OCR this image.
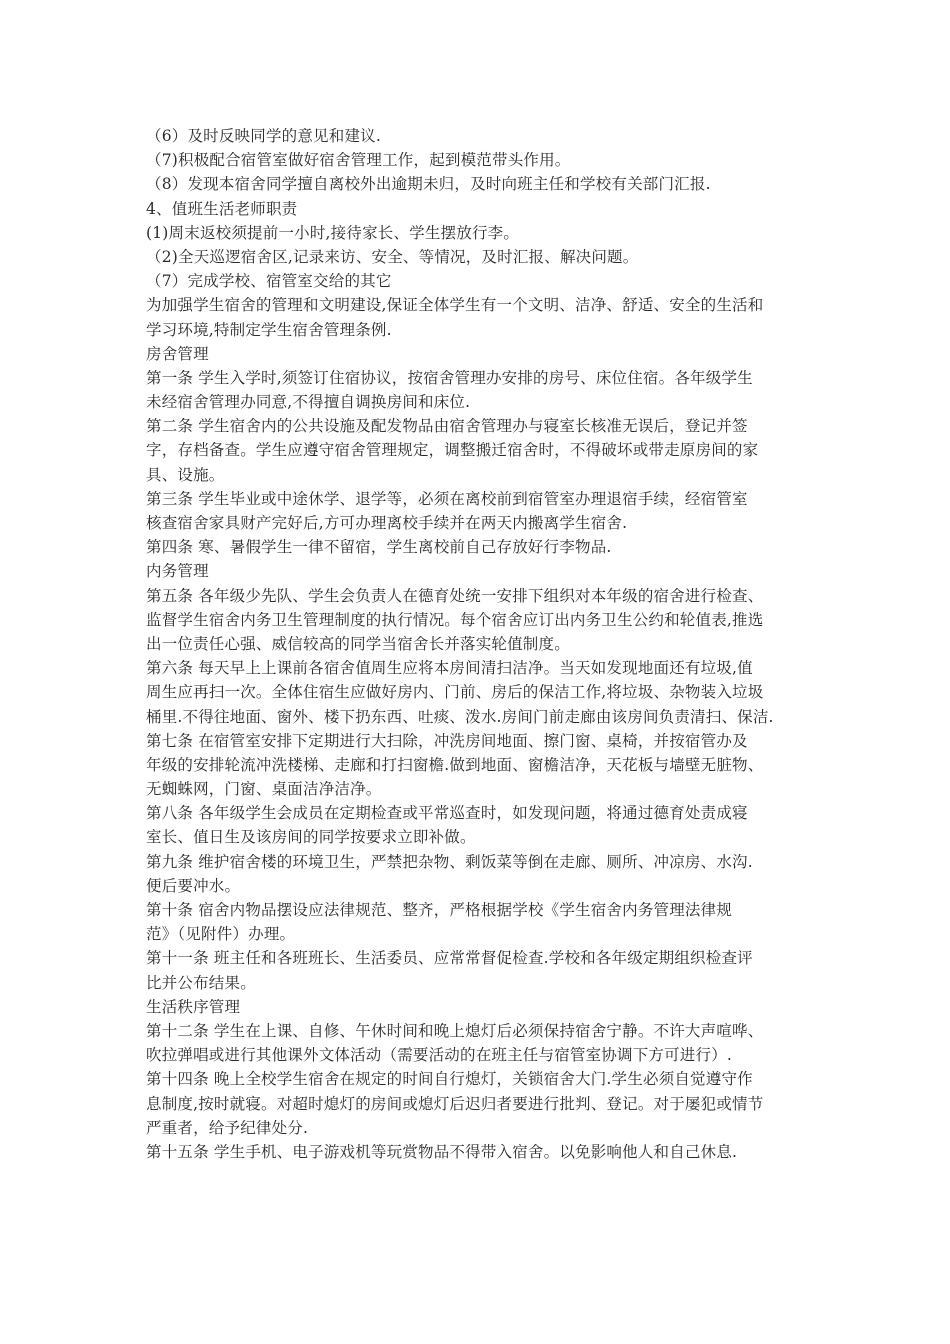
（6）及时反映同学的意见和建议.
（7)积极配合宿管室做好宿舍管理工作，起到模范带头作用。
（8）发现本宿舍同学擅自离校外出逾期未归，及时向班主任和学校有关部门汇报.
4、值班生活老师职责
(1)周末返校须提前一小时,接待家长、学生摆放行李。
（2)全天巡逻宿舍区,记录来访、安全、等情况，及时汇报、解决问题。
（7）完成学校、宿管室交给的其它
为加强学生宿舍的管理和文明建设,保证全体学生有一个文明、洁净、舒适、安全的生活和
学习环境,特制定学生宿舍管理条例.
房舍管理
第一条 学生入学时,须签订住宿协议，按宿舍管理办安排的房号、床位住宿。各年级学生
未经宿舍管理办同意,不得擅自调换房间和床位.
第二条 学生宿舍内的公共设施及配发物品由宿舍管理办与寝室长核准无误后，登记并签
字，存档备查。学生应遵守宿舍管理规定，调整搬迁宿舍时，不得破坏或带走原房间的家
具、设施。
第三条 学生毕业或中途休学、退学等，必须在离校前到宿管室办理退宿手续，经宿管室
核查宿舍家具财产完好后,方可办理离校手续并在两天内搬离学生宿舍.
第四条 寒、暑假学生一律不留宿，学生离校前自己存放好行李物品.
内务管理
第五条 各年级少先队、学生会负责人在德育处统一安排下组织对本年级的宿舍进行检查、
监督学生宿舍内务卫生管理制度的执行情况。每个宿舍应订出内务卫生公约和轮值表,推选
出一位责任心强、威信较高的同学当宿舍长并落实轮值制度。
第六条 每天早上上课前各宿舍值周生应将本房间清扫洁净。当天如发现地面还有垃圾,值
周生应再扫一次。全体住宿生应做好房内、门前、房后的保洁工作,将垃圾、杂物装入垃圾
桶里.不得往地面、窗外、楼下扔东西、吐痰、泼水.房间门前走廊由该房间负责清扫、保洁.
第七条 在宿管室安排下定期进行大扫除，冲洗房间地面、擦门窗、桌椅，并按宿管办及
年级的安排轮流冲洗楼梯、走廊和打扫窗檐.做到地面、窗檐洁净，天花板与墙壁无脏物、
无蜘蛛网，门窗、桌面洁净洁净。
第八条 各年级学生会成员在定期检查或平常巡查时，如发现问题，将通过德育处责成寝
室长、值日生及该房间的同学按要求立即补做。
第九条 维护宿舍楼的环境卫生，严禁把杂物、剩饭菜等倒在走廊、厕所、冲凉房、水沟.
便后要冲水。
第十条 宿舍内物品摆设应法律规范、整齐，严格根据学校《学生宿舍内务管理法律规
范》（见附件）办理。
第十一条 班主任和各班班长、生活委员、应常常督促检查.学校和各年级定期组织检查评
比并公布结果。
生活秩序管理
第十二条 学生在上课、自修、午休时间和晚上熄灯后必须保持宿舍宁静。不许大声喧哗、
吹拉弹唱或进行其他课外文体活动（需要活动的在班主任与宿管室协调下方可进行）.
第十四条 晚上全校学生宿舍在规定的时间自行熄灯，关锁宿舍大门.学生必须自觉遵守作
息制度,按时就寝。对超时熄灯的房间或熄灯后迟归者要进行批判、登记。对于屡犯或情节
严重者，给予纪律处分.
第十五条 学生手机、电子游戏机等玩赏物品不得带入宿舍。以免影响他人和自己休息.
